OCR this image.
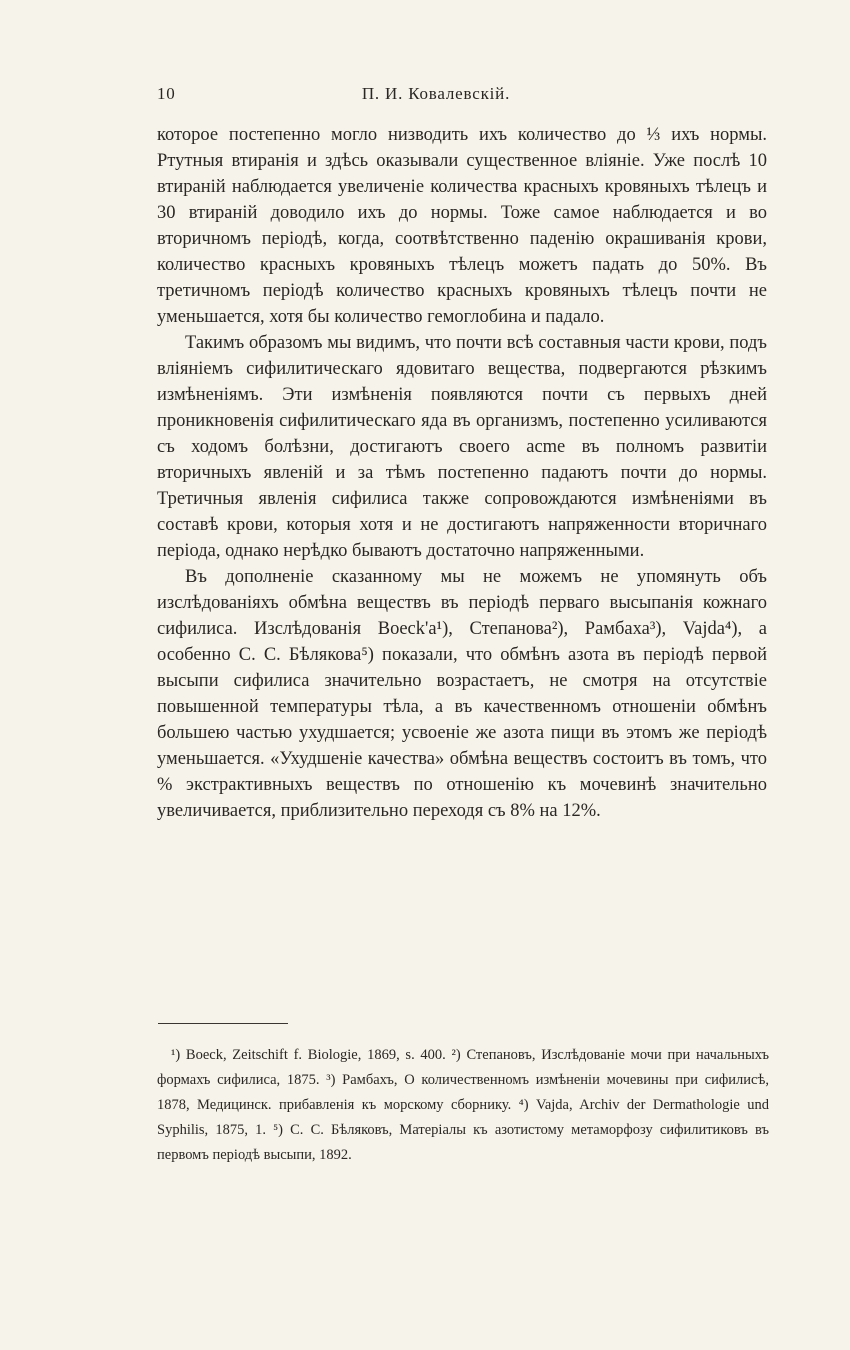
10	П. И. Ковалевскій.

которое постепенно могло низводить ихъ количество до ⅓ ихъ нормы. Ртутныя втиранія и здѣсь оказывали существенное вліяніе. Уже послѣ 10 втираній наблюдается увеличеніе количества красныхъ кровяныхъ тѣлецъ и 30 втираній доводило ихъ до нормы. Тоже самое наблюдается и во вторичномъ періодѣ, когда, соотвѣтственно паденію окрашиванія крови, количество красныхъ кровяныхъ тѣлецъ можетъ падать до 50%. Въ третичномъ періодѣ количество красныхъ кровяныхъ тѣлецъ почти не уменьшается, хотя бы количество гемоглобина и падало.

Такимъ образомъ мы видимъ, что почти всѣ составныя части крови, подъ вліяніемъ сифилитическаго ядовитаго вещества, подвергаются рѣзкимъ измѣненіямъ. Эти измѣненія появляются почти съ первыхъ дней проникновенія сифилитическаго яда въ организмъ, постепенно усиливаются съ ходомъ болѣзни, достигаютъ своего acme въ полномъ развитіи вторичныхъ явленій и за тѣмъ постепенно падаютъ почти до нормы. Третичныя явленія сифилиса также сопровождаются измѣненіями въ составѣ крови, которыя хотя и не достигаютъ напряженности вторичнаго періода, однако нерѣдко бываютъ достаточно напряженными.

Въ дополненіе сказанному мы не можемъ не упомянуть объ изслѣдованіяхъ обмѣна веществъ въ періодѣ перваго высыпанія кожнаго сифилиса. Изслѣдованія Boeck'a¹), Степанова²), Рамбаха³), Vajda⁴), а особенно С. С. Бѣлякова⁵) показали, что обмѣнъ азота въ періодѣ первой высыпи сифилиса значительно возрастаетъ, не смотря на отсутствіе повышенной температуры тѣла, а въ качественномъ отношеніи обмѣнъ большею частью ухудшается; усвоеніе же азота пищи въ этомъ же періодѣ уменьшается. «Ухудшеніе качества» обмѣна веществъ состоитъ въ томъ, что % экстрактивныхъ веществъ по отношенію къ мочевинѣ значительно увеличивается, приблизительно переходя съ 8% на 12%.

¹) Boeck, Zeitschift f. Biologie, 1869, s. 400. ²) Степановъ, Изслѣдованіе мочи при начальныхъ формахъ сифилиса, 1875. ³) Рамбахъ, О количественномъ измѣненіи мочевины при сифилисѣ, 1878, Медицинск. прибавленія къ морскому сборнику. ⁴) Vajda, Archiv der Dermathologie und Syphilis, 1875, 1. ⁵) С. С. Бѣляковъ, Матеріалы къ азотистому метаморфозу сифилитиковъ въ первомъ періодѣ высыпи, 1892.
